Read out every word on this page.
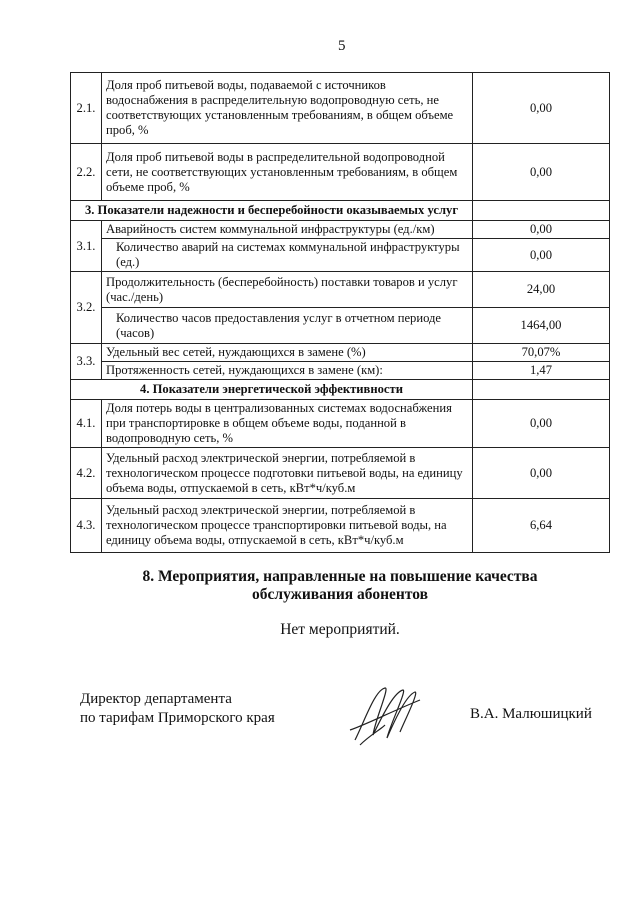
5
2.1.	Доля проб питьевой воды, подаваемой с источников водоснабжения в распределительную водопроводную сеть, не соответствующих установленным требованиям, в общем объеме проб, %	0,00
2.2.	Доля проб питьевой воды в распределительной водопроводной сети, не соответствующих установленным требованиям, в общем объеме проб, %	0,00
3. Показатели надежности и бесперебойности оказываемых услуг		
3.1.	Аварийность систем коммунальной инфраструктуры (ед./км)	0,00
	Количество аварий на системах коммунальной инфраструктуры (ед.)	0,00
3.2.	Продолжительность (бесперебойность) поставки товаров и услуг (час./день)	24,00
	Количество часов предоставления услуг в отчетном периоде (часов)	1464,00
3.3.	Удельный вес сетей, нуждающихся в замене (%)	70,07%
	Протяженность сетей, нуждающихся в замене (км):	1,47
4. Показатели энергетической эффективности		
4.1.	Доля потерь воды в централизованных системах водоснабжения при транспортировке в общем объеме воды, поданной в водопроводную сеть, %	0,00
4.2.	Удельный расход электрической энергии, потребляемой в технологическом процессе подготовки питьевой воды, на единицу объема воды, отпускаемой в сеть, кВт*ч/куб.м	0,00
4.3.	Удельный расход электрической энергии, потребляемой в технологическом процессе транспортировки питьевой воды, на единицу объема воды, отпускаемой в сеть, кВт*ч/куб.м	6,64
8. Мероприятия, направленные на повышение качества
обслуживания абонентов
Нет мероприятий.
Директор департамента
по тарифам Приморского края	В.А. Малюшицкий
